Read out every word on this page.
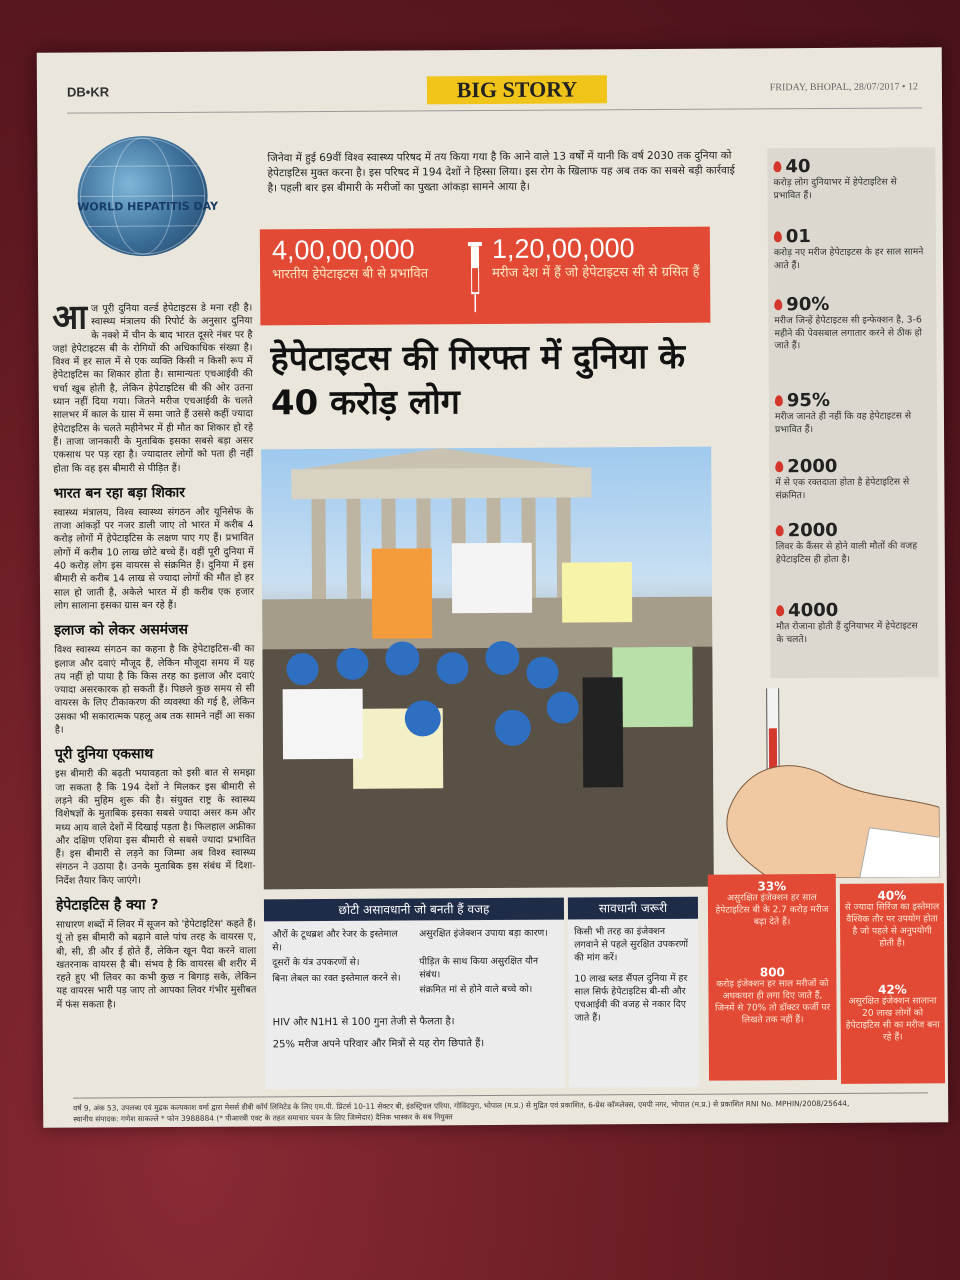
DB•KR	BIG STORY	FRIDAY, BHOPAL, 28/07/2017 • 12
WORLD HEPATITIS DAY
जिनेवा में हुई 69वीं विश्व स्वास्थ्य परिषद में तय किया गया है कि आने वाले 13 वर्षों में यानी कि वर्ष 2030 तक दुनिया को हेपेटाइटिस मुक्त करना है। इस परिषद में 194 देशों ने हिस्सा लिया। इस रोग के खिलाफ यह अब तक का सबसे बड़ी कार्रवाई है। पहली बार इस बीमारी के मरीजों का पुख्ता आंकड़ा सामने आया है।
4,00,00,000
भारतीय हेपेटाइटस बी से प्रभावित
1,20,00,000
मरीज देश में हैं जो हेपेटाइटस सी से ग्रसित हैं
हेपेटाइटस की गिरफ्त में दुनिया के 40 करोड़ लोग
आ ज पूरी दुनिया वर्ल्ड हेपेटाइटस डे मना रही है। स्वास्थ्य मंत्रालय की रिपोर्ट के अनुसार दुनिया के नक्शे में चीन के बाद भारत दूसरे नंबर पर है जहां हेपेटाइटस बी के रोगियों की अधिकाधिक संख्या है। विश्व में हर साल में से एक व्यक्ति किसी न किसी रूप में हेपेटाइटिस का शिकार होता है। सामान्यतः एचआईवी की चर्चा खूब होती है, लेकिन हेपेटाइटिस बी की ओर उतना ध्यान नहीं दिया गया। जितने मरीज एचआईवी के चलते सालभर में काल के ग्रास में समा जाते हैं उससे कहीं ज्यादा हेपेटाइटिस के चलते महीनेभर में ही मौत का शिकार हो रहे हैं। ताजा जानकारी के मुताबिक इसका सबसे बड़ा असर एकसाथ पर पड़ रहा है। ज्यादातर लोगों को पता ही नहीं होता कि वह इस बीमारी से पीड़ित हैं।
भारत बन रहा बड़ा शिकार
स्वास्थ्य मंत्रालय, विश्व स्वास्थ्य संगठन और यूनिसेफ के ताजा आंकड़ों पर नजर डाली जाए तो भारत में करीब 4 करोड़ लोगों में हेपेटाइटिस के लक्षण पाए गए हैं। प्रभावित लोगों में करीब 10 लाख छोटे बच्चे हैं। वहीं पूरी दुनिया में 40 करोड़ लोग इस वायरस से संक्रमित हैं। दुनिया में इस बीमारी से करीब 14 लाख से ज्यादा लोगों की मौत हो हर साल हो जाती है, अकेले भारत में ही करीब एक हजार लोग सालाना इसका ग्रास बन रहे हैं।
इलाज को लेकर असमंजस
विश्व स्वास्थ्य संगठन का कहना है कि हेपेटाइटिस-बी का इलाज और दवाएं मौजूद हैं, लेकिन मौजूदा समय में यह तय नहीं हो पाया है कि किस तरह का इलाज और दवाएं ज्यादा असरकारक हो सकती हैं। पिछले कुछ समय से सी वायरस के लिए टीकाकरण की व्यवस्था की गई है, लेकिन उसका भी सकारात्मक पहलू अब तक सामने नहीं आ सका है।
पूरी दुनिया एकसाथ
इस बीमारी की बढ़ती भयावहता को इसी बात से समझा जा सकता है कि 194 देशों ने मिलकर इस बीमारी से लड़ने की मुहिम शुरू की है। संयुक्त राष्ट्र के स्वास्थ्य विशेषज्ञों के मुताबिक इसका सबसे ज्यादा असर कम और मध्य आय वाले देशों में दिखाई पड़ता है। फिलहाल अफ्रीका और दक्षिण एशिया इस बीमारी से सबसे ज्यादा प्रभावित हैं। इस बीमारी से लड़ने का जिम्मा अब विश्व स्वास्थ्य संगठन ने उठाया है। उनके मुताबिक इस संबंध में दिशा-निर्देश तैयार किए जाएंगे।
हेपेटाइटिस है क्या ?
साधारण शब्दों में लिवर में सूजन को 'हेपेटाइटिस' कहते हैं। यूं तो इस बीमारी को बढ़ाने वाले पांच तरह के वायरस ए, बी, सी, डी और ई होते हैं, लेकिन खून पैदा करने वाला खतरनाक वायरस है बी। संभव है कि वायरस बी शरीर में रहते हुए भी लिवर का कभी कुछ न बिगाड़ सके, लेकिन यह वायरस भारी पड़ जाए तो आपका लिवर गंभीर मुसीबत में फंस सकता है।
40
करोड़ लोग दुनियाभर में हेपेटाइटिस से प्रभावित हैं।
01
करोड़ नए मरीज हेपेटाइटस के हर साल सामने आते हैं।
90%
मरीज जिन्हें हेपेटाइटस सी इन्फेक्शन है, 3-6 महीने की पेवसबाल लगातार करने से ठीक हो जाते हैं।
95%
मरीज जानते ही नहीं कि वह हेपेटाइटस से प्रभावित हैं।
2000
में से एक रक्तदाता होता है हेपेटाइटिस से संक्रमित।
2000
लिवर के कैंसर से होने वाली मौतों की वजह हेपेटाइटिस ही होता है।
4000
मौत रोजाना होती हैं दुनियाभर में हेपेटाइटस के चलते।
छोटी असावधानी जो बनती हैं वजह
औरों के टूथब्रश और रेजर के इस्तेमाल से।
दूसरों के यंत्र उपकरणों से।
बिना लेबल का रक्त इस्तेमाल करने से।
असुरक्षित इंजेक्शन उपाया बड़ा कारण।
पीड़ित के साथ किया असुरक्षित यौन संबंध।
संक्रमित मां से होने वाले बच्चे को।
HIV और N1H1 से 100 गुना तेजी से फैलता है।
25% मरीज अपने परिवार और मित्रों से यह रोग छिपाते हैं।
सावधानी जरूरी
किसी भी तरह का इंजेक्शन लगवाने से पहले सुरक्षित उपकरणों की मांग करें।
10 लाख ब्लड सैंपल दुनिया में हर साल सिर्फ हेपेटाइटिस बी-सी और एचआईवी की वजह से नकार दिए जाते हैं।
33%
असुरक्षित इंजेक्शन हर साल हेपेटाइटिस बी के 2.7 करोड़ मरीज बढ़ा देते हैं।
800
करोड़ इंजेक्शन हर साल मरीजों को अधकचरा ही लगा दिए जाते हैं, जिनमें से 70% तो डॉक्टर फर्जी पर लिखते तक नहीं हैं।
40%
से ज्यादा सिरिंज का इस्तेमाल वैश्विक तौर पर उपयोग होता है जो पहले से अनुपयोगी होती हैं।
42%
असुरक्षित इंजेक्शन सालाना 20 लाख लोगों को हेपेटाइटिस सी का मरीज बना रहे हैं।
वर्ष 9, अंक 53, उपलब्ध एवं मुद्रक कल्पकाश वर्मा द्वारा मेसर्स डीबी कॉर्प लिमिटेड के लिए एम.पी. प्रिंटर्स 10-11 सेक्टर बी, इंडस्ट्रियल एरिया, गोविंदपुरा, भोपाल (म.प्र.) से मुद्रित एवं प्रकाशित, 6-प्रेस कॉम्प्लेक्स, एमपी नगर, भोपाल (म.प्र.) से प्रकाशित RNI No. MPHIN/2008/25644,
स्थानीय संपादक: गणेश साकल्ले * फोन 3988884 (* पीआरबी एक्ट के तहत समाचार चयन के लिए जिम्मेदार) दैनिक भास्कर के सब नियुक्त
